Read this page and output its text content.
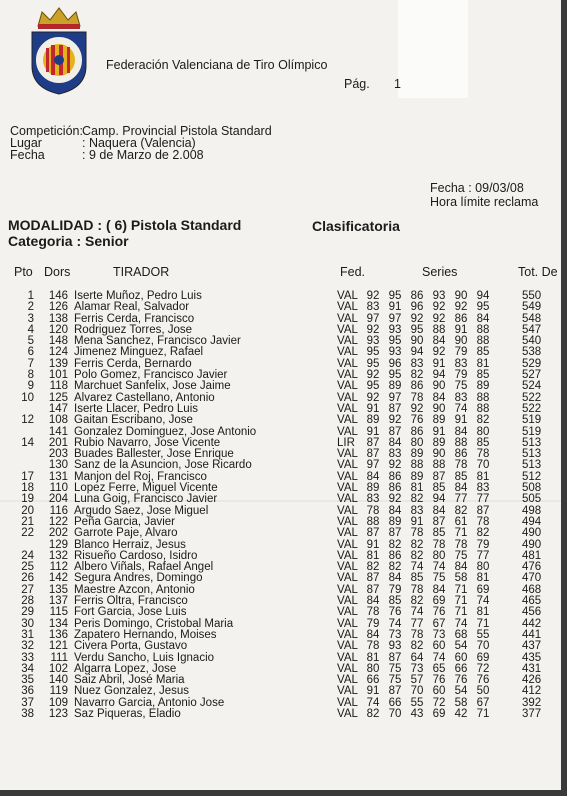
Federación Valenciana de Tiro Olímpico
Pág. 1
Competición:Camp. Provincial Pistola Standard
Lugar	: Naquera (Valencia)
Fecha	: 9 de Marzo de 2.008
Fecha : 09/03/08
Hora límite reclama
MODALIDAD : ( 6) Pistola Standard	Clasificatoria
Categoria : Senior
Pto Dors	TIRADOR	Fed.	Series	Tot. De
1	146 Iserte Muñoz, Pedro Luis	VAL 92 95 86 93 90 94	550
2	126 Alamar Real, Salvador	VAL 83 91 96 92 92 95	549
3	138 Ferris Cerda, Francisco	VAL 97 97 92 92 86 84	548
4	120 Rodriguez Torres, Jose	VAL 92 93 95 88 91 88	547
5	148 Mena Sanchez, Francisco Javier	VAL 93 95 90 84 90 88	540
6	124 Jimenez Minguez, Rafael	VAL 95 93 94 92 79 85	538
7	139 Ferris Cerda, Bernardo	VAL 95 96 83 91 83 81	529
8	101 Polo Gomez, Francisco Javier	VAL 92 95 82 94 79 85	527
9	118 Marchuet Sanfelix, Jose Jaime	VAL 95 89 86 90 75 89	524
10	125 Alvarez Castellano, Antonio	VAL 92 97 78 84 83 88	522
147 Iserte Llacer, Pedro Luis	VAL 91 87 92 90 74 88	522
12	108 Gaitan Escribano, Jose	VAL 89 92 76 89 91 82	519
141 Gonzalez Dominguez, Jose Antonio	VAL 91 87 86 91 84 80	519
14	201 Rubio Navarro, Jose Vicente	LIR 87 84 80 89 88 85	513
203 Buades Ballester, Jose Enrique	VAL 87 83 89 90 86 78	513
130 Sanz de la Asuncion, Jose Ricardo	VAL 97 92 88 88 78 70	513
17	131 Manjon del Roj, Francisco	VAL 84 86 89 87 85 81	512
18	110 Lopez Ferre, Miguel Vicente	VAL 89 86 81 85 84 83	508
19	204 Luna Goig, Francisco Javier	VAL 83 92 82 94 77 77	505
20	116 Argudo Saez, Jose Miguel	VAL 78 84 83 84 82 87	498
21	122 Peña Garcia, Javier	VAL 88 89 91 87 61 78	494
22	202 Garrote Paje, Alvaro	VAL 87 87 78 85 71 82	490
129 Blanco Herraiz, Jesus	VAL 91 82 82 78 78 79	490
24	132 Risueño Cardoso, Isidro	VAL 81 86 82 80 75 77	481
25	112 Albero Viñals, Rafael Angel	VAL 82 82 74 74 84 80	476
26	142 Segura Andres, Domingo	VAL 87 84 85 75 58 81	470
27	135 Maestre Azcon, Antonio	VAL 87 79 78 84 71 69	468
28	137 Ferris Oltra, Francisco	VAL 84 85 82 69 71 74	465
29	115 Fort Garcia, Jose Luis	VAL 78 76 74 76 71 81	456
30	134 Peris Domingo, Cristobal Maria	VAL 79 74 77 67 74 71	442
31	136 Zapatero Hernando, Moises	VAL 84 73 78 73 68 55	441
32	121 Civera Porta, Gustavo	VAL 78 93 82 60 54 70	437
33	111 Verdu Sancho, Luis Ignacio	VAL 81 87 64 74 60 69	435
34	102 Algarra Lopez, Jose	VAL 80 75 73 65 66 72	431
35	140 Saiz Abril, José Maria	VAL 66 75 57 76 76 76	426
36	119 Nuez Gonzalez, Jesus	VAL 91 87 70 60 54 50	412
37	109 Navarro Garcia, Antonio Jose	VAL 74 66 55 72 58 67	392
38	123 Saz Piqueras, Eladio	VAL 82 70 43 69 42 71	377
